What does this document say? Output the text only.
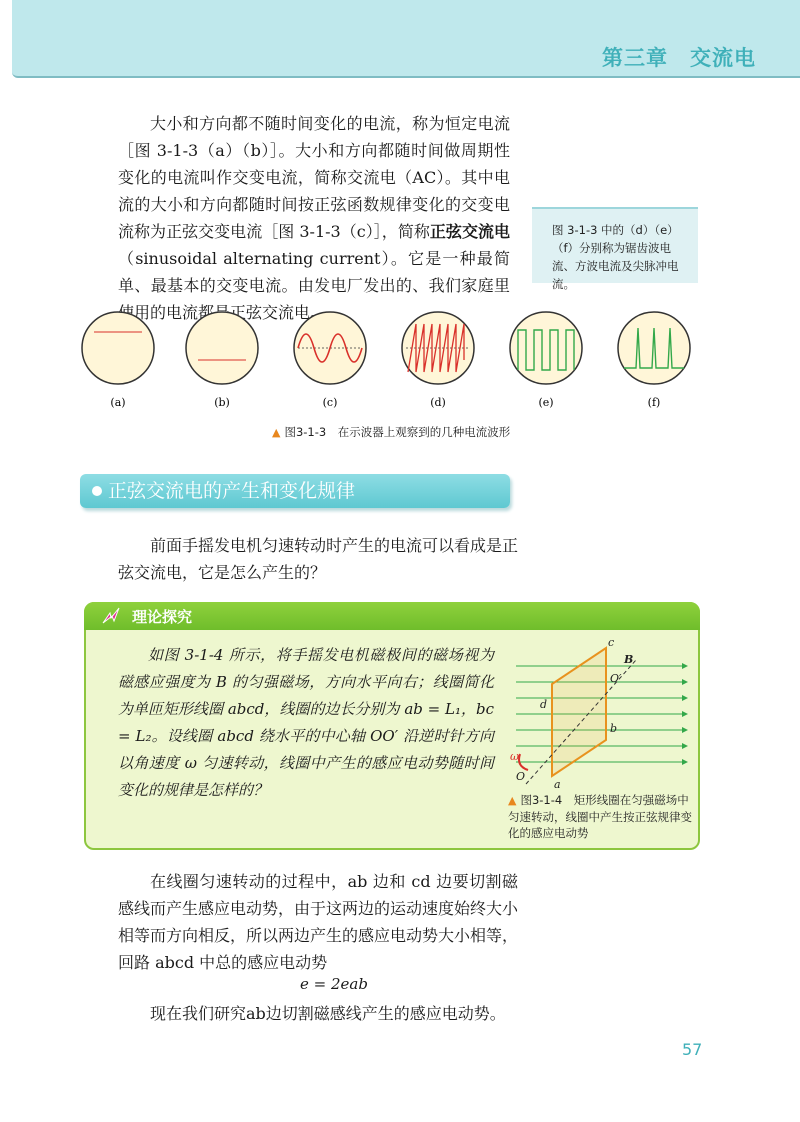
第三章　交流电

大小和方向都不随时间变化的电流，称为恒定电流［图 3-1-3（a）（b）］。大小和方向都随时间做周期性变化的电流叫作交变电流，简称交流电（AC）。其中电流的大小和方向都随时间按正弦函数规律变化的交变电流称为正弦交变电流［图 3-1-3（c）］，简称正弦交流电（sinusoidal alternating current）。它是一种最简单、最基本的交变电流。由发电厂发出的、我们家庭里使用的电流都是正弦交流电。

图 3-1-3 中的（d）（e）（f）分别称为锯齿波电流、方波电流及尖脉冲电流。
(a)	(b)	(c)	(d)	(e)	(f)
▲ 图3-1-3　在示波器上观察到的几种电流波形
正弦交流电的产生和变化规律

前面手摇发电机匀速转动时产生的电流可以看成是正弦交流电，它是怎么产生的？

理论探究

如图 3-1-4 所示，将手摇发电机磁极间的磁场视为磁感应强度为 B 的匀强磁场，方向水平向右；线圈简化为单匝矩形线圈 abcd，线圈的边长分别为 ab = L₁，bc = L₂。设线圈 abcd 绕水平的中心轴 OO′ 沿逆时针方向以角速度 ω 匀速转动，线圈中产生的感应电动势随时间变化的规律是怎样的？

c
B
O′
d
b
ω
O
a
▲ 图3-1-4　矩形线圈在匀强磁场中匀速转动，线圈中产生按正弦规律变化的感应电动势

在线圈匀速转动的过程中，ab 边和 cd 边要切割磁感线而产生感应电动势，由于这两边的运动速度始终大小相等而方向相反，所以两边产生的感应电动势大小相等，回路 abcd 中总的感应电动势

e = 2eab

现在我们研究ab边切割磁感线产生的感应电动势。

57
